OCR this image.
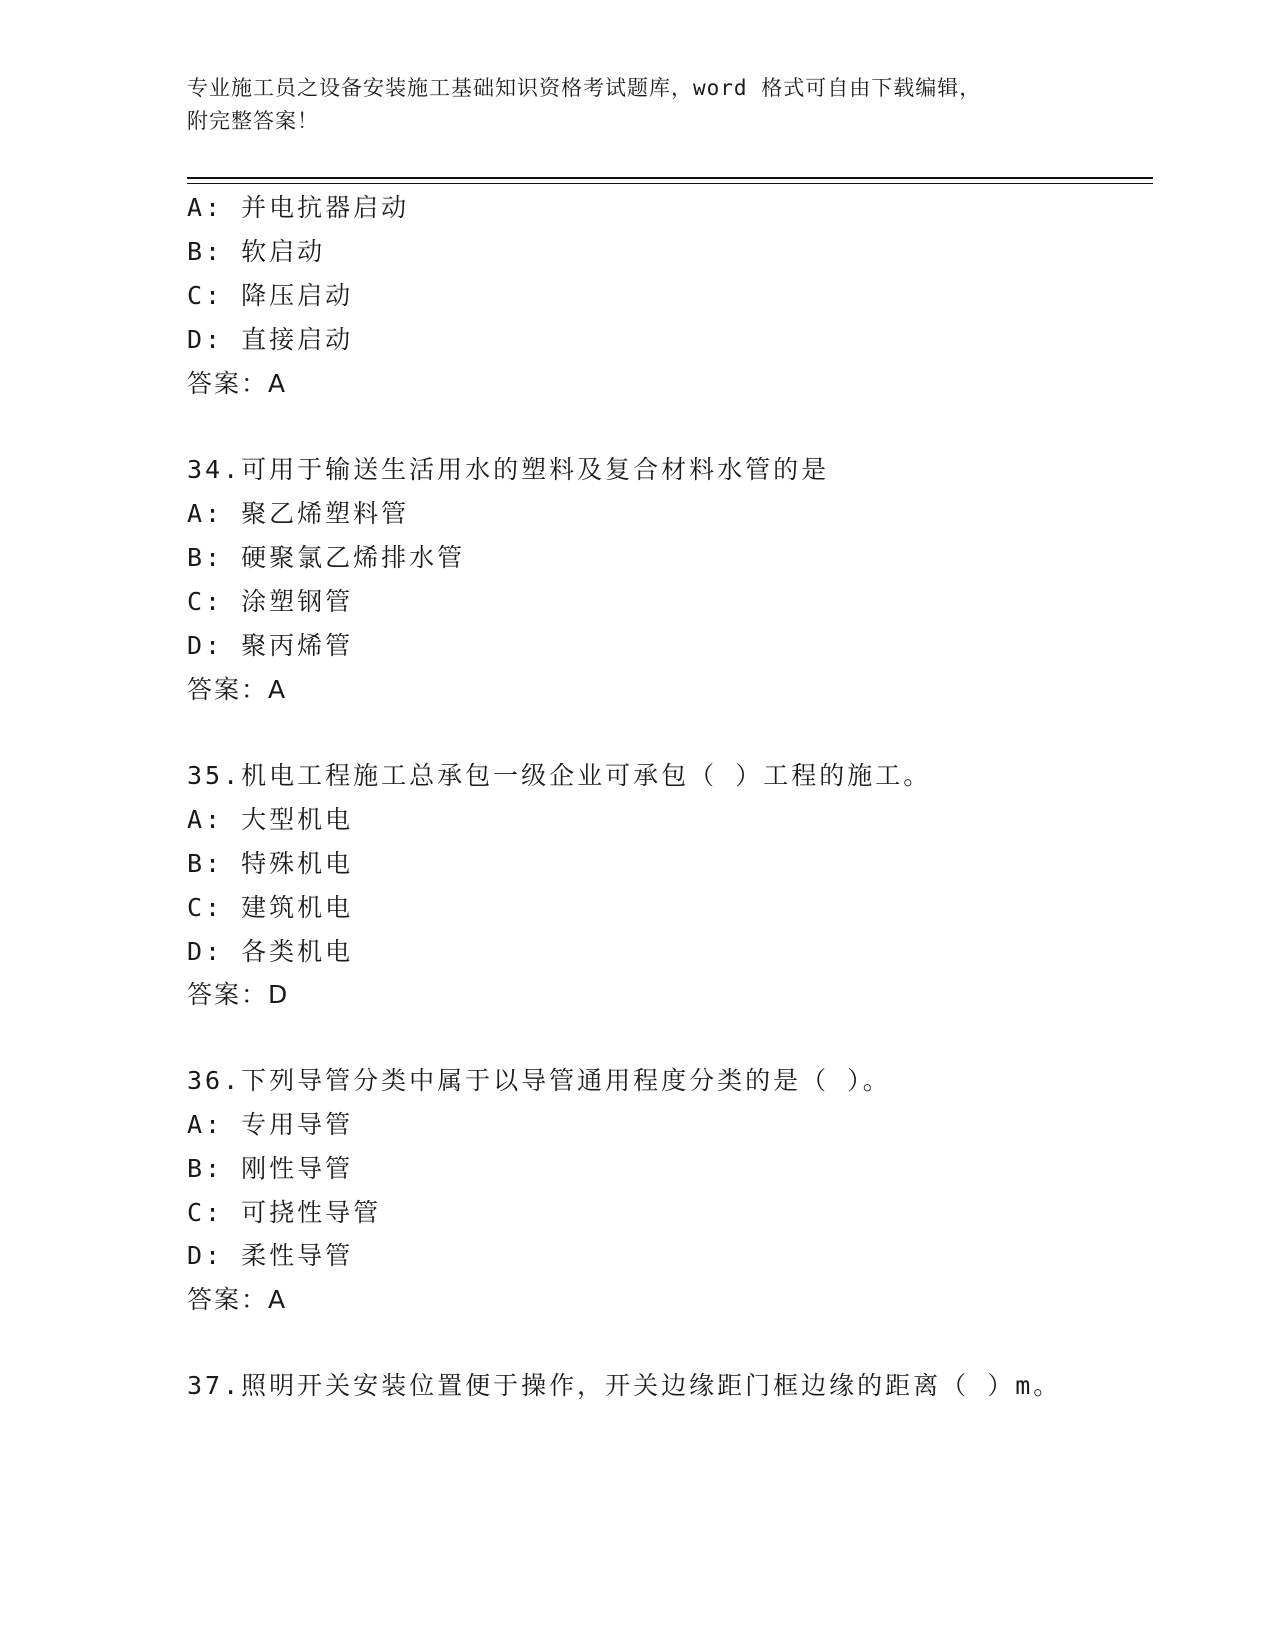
专业施工员之设备安装施工基础知识资格考试题库，word 格式可自由下载编辑，
附完整答案！
A: 并电抗器启动
B: 软启动
C: 降压启动
D: 直接启动
答案：A
34.可用于输送生活用水的塑料及复合材料水管的是
A: 聚乙烯塑料管
B: 硬聚氯乙烯排水管
C: 涂塑钢管
D: 聚丙烯管
答案：A
35.机电工程施工总承包一级企业可承包（ ）工程的施工。
A: 大型机电
B: 特殊机电
C: 建筑机电
D: 各类机电
答案：D
36.下列导管分类中属于以导管通用程度分类的是（ ）。
A: 专用导管
B: 刚性导管
C: 可挠性导管
D: 柔性导管
答案：A
37.照明开关安装位置便于操作，开关边缘距门框边缘的距离（ ）m。
